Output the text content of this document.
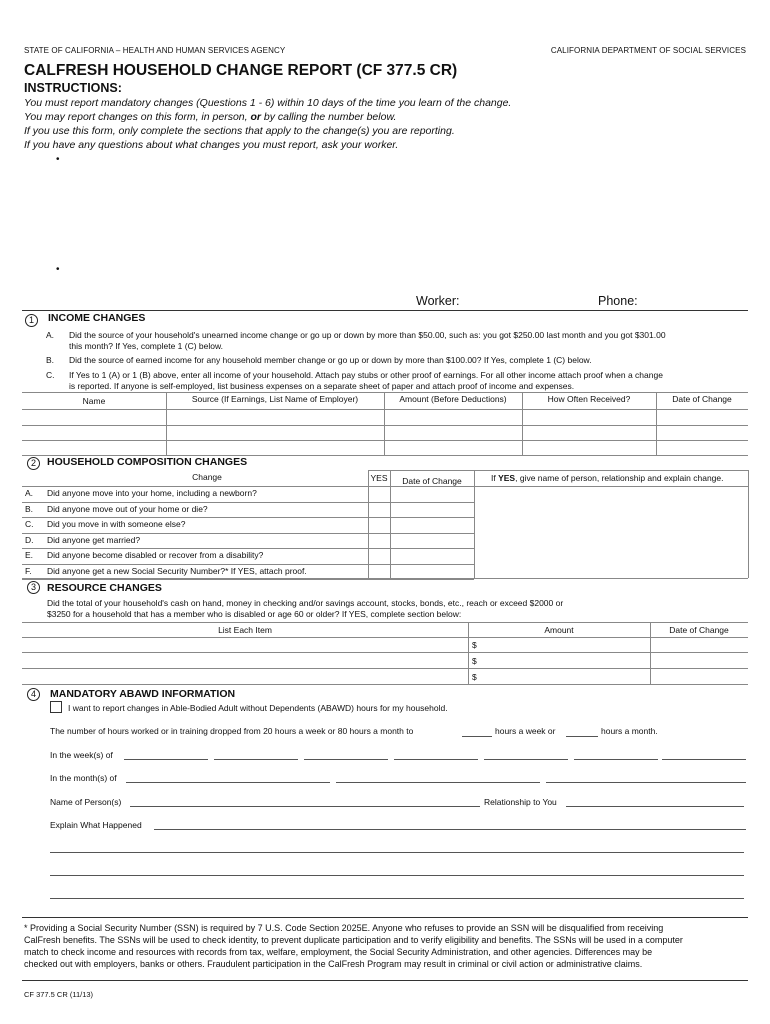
STATE OF CALIFORNIA – HEALTH AND HUMAN SERVICES AGENCY	CALIFORNIA DEPARTMENT OF SOCIAL SERVICES
CALFRESH HOUSEHOLD CHANGE REPORT (CF 377.5 CR)
INSTRUCTIONS:
You must report mandatory changes (Questions 1 - 6) within 10 days of the time you learn of the change.
You may report changes on this form, in person, or by calling the number below.
If you use this form, only complete the sections that apply to the change(s) you are reporting.
If you have any questions about what changes you must report, ask your worker.
•
•
Worker:	Phone:
1	INCOME CHANGES
A. Did the source of your household's unearned income change or go up or down by more than $50.00, such as: you got $250.00 last month and you got $301.00
this month? If Yes, complete 1 (C) below.
B. Did the source of earned income for any household member change or go up or down by more than $100.00? If Yes, complete 1 (C) below.
C. If Yes to 1 (A) or 1 (B) above, enter all income of your household. Attach pay stubs or other proof of earnings. For all other income attach proof when a change
is reported. If anyone is self-employed, list business expenses on a separate sheet of paper and attach proof of income and expenses.
Name	Source (If Earnings, List Name of Employer)	Amount (Before Deductions)	How Often Received?	Date of Change
2	HOUSEHOLD COMPOSITION CHANGES
Change	YES	Date of Change	If YES, give name of person, relationship and explain change.
A. Did anyone move into your home, including a newborn?
B. Did anyone move out of your home or die?
C. Did you move in with someone else?
D. Did anyone get married?
E. Did anyone become disabled or recover from a disability?
F. Did anyone get a new Social Security Number?* If YES, attach proof.
3	RESOURCE CHANGES
Did the total of your household's cash on hand, money in checking and/or savings account, stocks, bonds, etc., reach or exceed $2000 or
$3250 for a household that has a member who is disabled or age 60 or older? If YES, complete section below:
List Each Item	Amount	Date of Change
$
$
$
4	MANDATORY ABAWD INFORMATION
I want to report changes in Able-Bodied Adult without Dependents (ABAWD) hours for my household.
The number of hours worked or in training dropped from 20 hours a week or 80 hours a month to	hours a week or	hours a month.
In the week(s) of
In the month(s) of
Name of Person(s)	Relationship to You
Explain What Happened
* Providing a Social Security Number (SSN) is required by 7 U.S. Code Section 2025E. Anyone who refuses to provide an SSN will be disqualified from receiving
CalFresh benefits. The SSNs will be used to check identity, to prevent duplicate participation and to verify eligibility and benefits. The SSNs will be used in a computer
match to check income and resources with records from tax, welfare, employment, the Social Security Administration, and other agencies. Differences may be
checked out with employers, banks or others. Fraudulent participation in the CalFresh Program may result in criminal or civil action or administrative claims.
CF 377.5 CR (11/13)
